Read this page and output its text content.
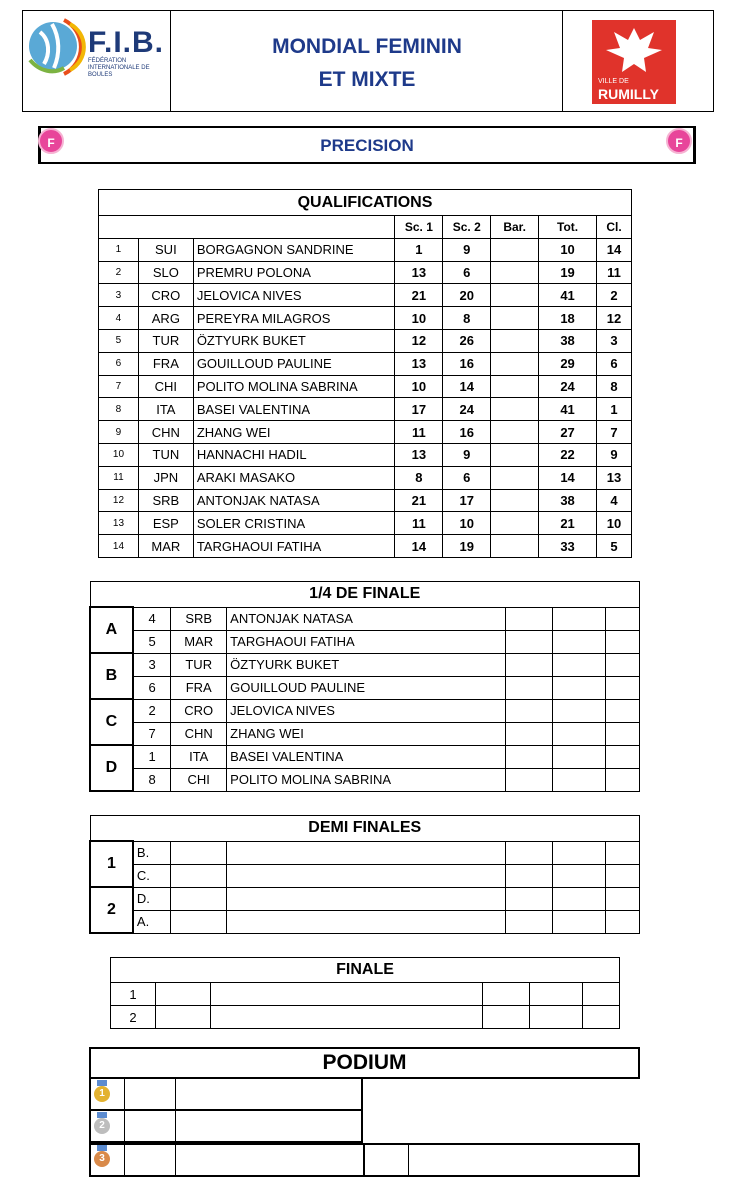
F.I.B.
FÉDÉRATION INTERNATIONALE DE BOULES
MONDIAL FEMININ
ET MIXTE	VILLE DE
RUMILLY
PRECISION
F	F
QUALIFICATIONS							
			Sc. 1	Sc. 2	Bar.	Tot.	Cl.
1	SUI	BORGAGNON SANDRINE	1	9		10	14
2	SLO	PREMRU POLONA	13	6		19	11
3	CRO	JELOVICA NIVES	21	20		41	2
4	ARG	PEREYRA MILAGROS	10	8		18	12
5	TUR	ÖZTYURK BUKET	12	26		38	3
6	FRA	GOUILLOUD PAULINE	13	16		29	6
7	CHI	POLITO MOLINA SABRINA	10	14		24	8
8	ITA	BASEI VALENTINA	17	24		41	1
9	CHN	ZHANG WEI	11	16		27	7
10	TUN	HANNACHI HADIL	13	9		22	9
11	JPN	ARAKI MASAKO	8	6		14	13
12	SRB	ANTONJAK NATASA	21	17		38	4
13	ESP	SOLER CRISTINA	11	10		21	10
14	MAR	TARGHAOUI FATIHA	14	19		33	5
1/4 DE FINALE						
A	4	SRB	ANTONJAK NATASA			
	5	MAR	TARGHAOUI FATIHA			
B	3	TUR	ÖZTYURK BUKET			
	6	FRA	GOUILLOUD PAULINE			
C	2	CRO	JELOVICA NIVES			
	7	CHN	ZHANG WEI			
D	1	ITA	BASEI VALENTINA			
	8	CHI	POLITO MOLINA SABRINA			
DEMI FINALES						
1	B.					
	C.					
2	D.					
	A.					
FINALE					
1					
2					
PODIUM
1
2
3
